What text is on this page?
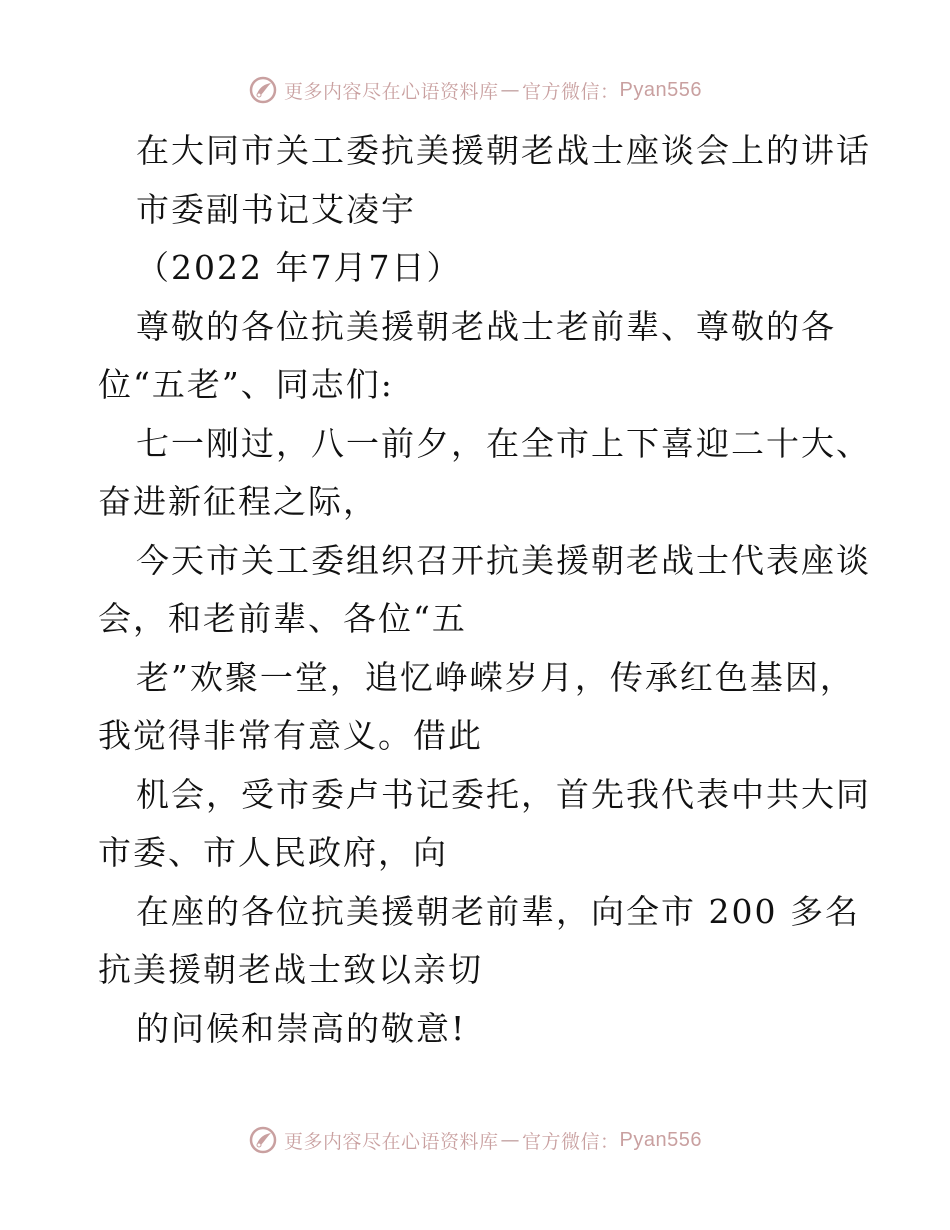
更多内容尽在心语资料库 — 官方微信： Pyan556
在大同市关工委抗美援朝老战士座谈会上的讲话
市委副书记艾凌宇
（2022 年7月7日）
尊敬的各位抗美援朝老战士老前辈、尊敬的各
位“五老”、同志们:
七一刚过，八一前夕，在全市上下喜迎二十大、
奋进新征程之际，
今天市关工委组织召开抗美援朝老战士代表座谈
会，和老前辈、各位“五
老”欢聚一堂，追忆峥嵘岁月，传承红色基因，
我觉得非常有意义。借此
机会，受市委卢书记委托，首先我代表中共大同
市委、市人民政府，向
在座的各位抗美援朝老前辈，向全市 200 多名
抗美援朝老战士致以亲切
的问候和崇高的敬意!
更多内容尽在心语资料库 — 官方微信： Pyan556
